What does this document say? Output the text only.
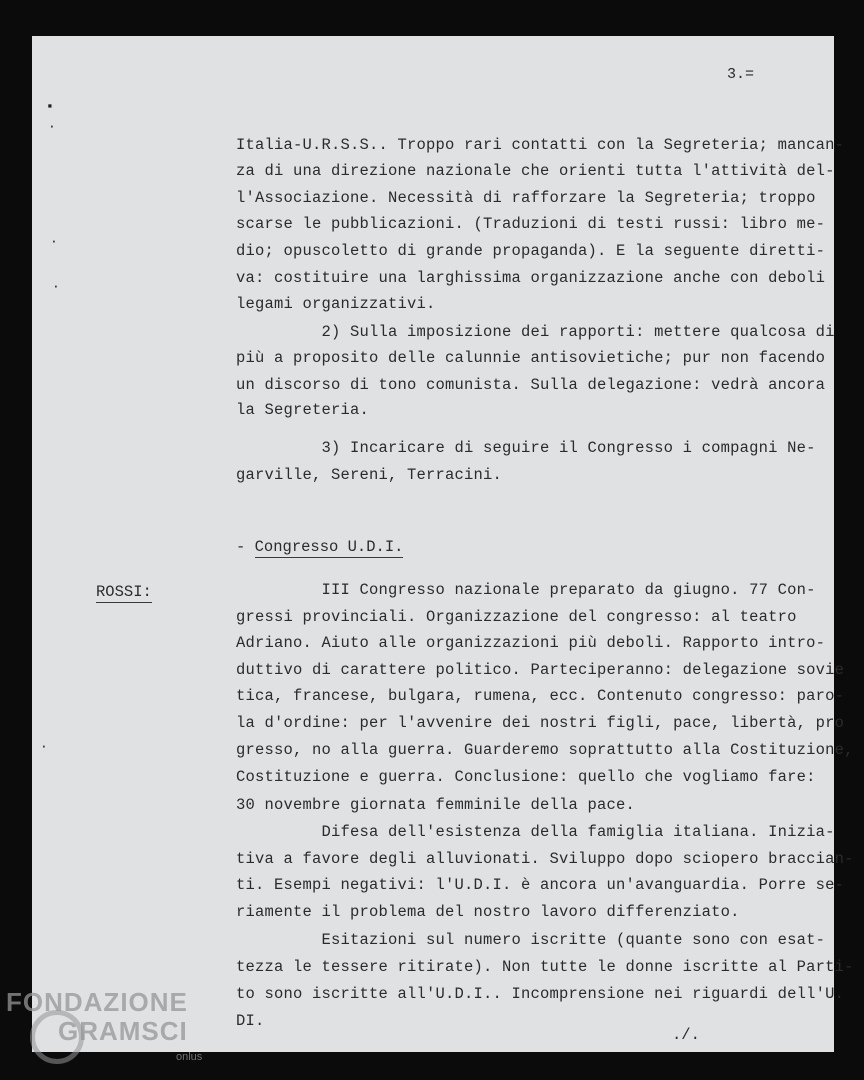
▪
·
·
·
·
3.=
Italia-U.R.S.S.. Troppo rari contatti con la Segreteria; mancan-
za di una direzione nazionale che orienti tutta l'attività del-
l'Associazione. Necessità di rafforzare la Segreteria; troppo
scarse le pubblicazioni. (Traduzioni di testi russi: libro me-
dio; opuscoletto di grande propaganda). E la seguente diretti-
va: costituire una larghissima organizzazione anche con deboli
legami organizzativi.
2) Sulla imposizione dei rapporti: mettere qualcosa di
più a proposito delle calunnie antisovietiche; pur non facendo
un discorso di tono comunista. Sulla delegazione: vedrà ancora
la Segreteria.
3) Incaricare di seguire il Congresso i compagni Ne-
garville, Sereni, Terracini.
- Congresso U.D.I.
ROSSI:	III Congresso nazionale preparato da giugno. 77 Con-
gressi provinciali. Organizzazione del congresso: al teatro
Adriano. Aiuto alle organizzazioni più deboli. Rapporto intro-
duttivo di carattere politico. Parteciperanno: delegazione sovie
tica, francese, bulgara, rumena, ecc. Contenuto congresso: paro-
la d'ordine: per l'avvenire dei nostri figli, pace, libertà, pro
gresso, no alla guerra. Guarderemo soprattutto alla Costituzione,
Costituzione e guerra. Conclusione: quello che vogliamo fare:
30 novembre giornata femminile della pace.
Difesa dell'esistenza della famiglia italiana. Inizia-
tiva a favore degli alluvionati. Sviluppo dopo sciopero braccian-
ti. Esempi negativi: l'U.D.I. è ancora un'avanguardia. Porre se-
riamente il problema del nostro lavoro differenziato.
Esitazioni sul numero iscritte (quante sono con esat-
tezza le tessere ritirate). Non tutte le donne iscritte al Parti-
to sono iscritte all'U.D.I.. Incomprensione nei riguardi dell'U.
DI.
./.
FONDAZIONE
GRAMSCI
onlus
